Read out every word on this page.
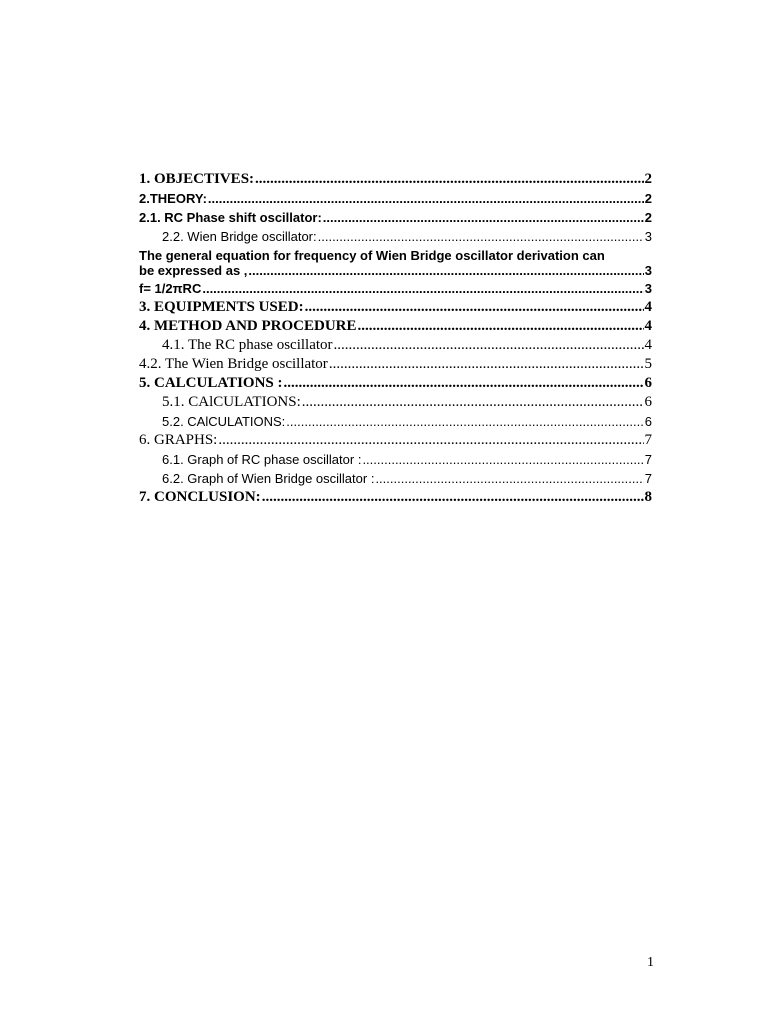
1. OBJECTIVES: .....	2
2.THEORY: .....	2
2.1. RC Phase shift oscillator: .....	2
2.2. Wien Bridge oscillator: .....	3
The general equation for frequency of Wien Bridge oscillator derivation can
be expressed as , .....	3
f= 1/2πRC .....	3
3. EQUIPMENTS USED: .....	4
4. METHOD AND PROCEDURE .....	4
4.1. The RC phase oscillator .....	4
4.2. The Wien Bridge oscillator .....	5
5. CALCULATIONS : .....	6
5.1. CAlCULATIONS: .....	6
5.2. CAlCULATIONS: .....	6
6. GRAPHS: .....	7
6.1. Graph of RC phase oscillator : .....	7
6.2. Graph of Wien Bridge oscillator : .....	7
7. CONCLUSION: .....	8
1
